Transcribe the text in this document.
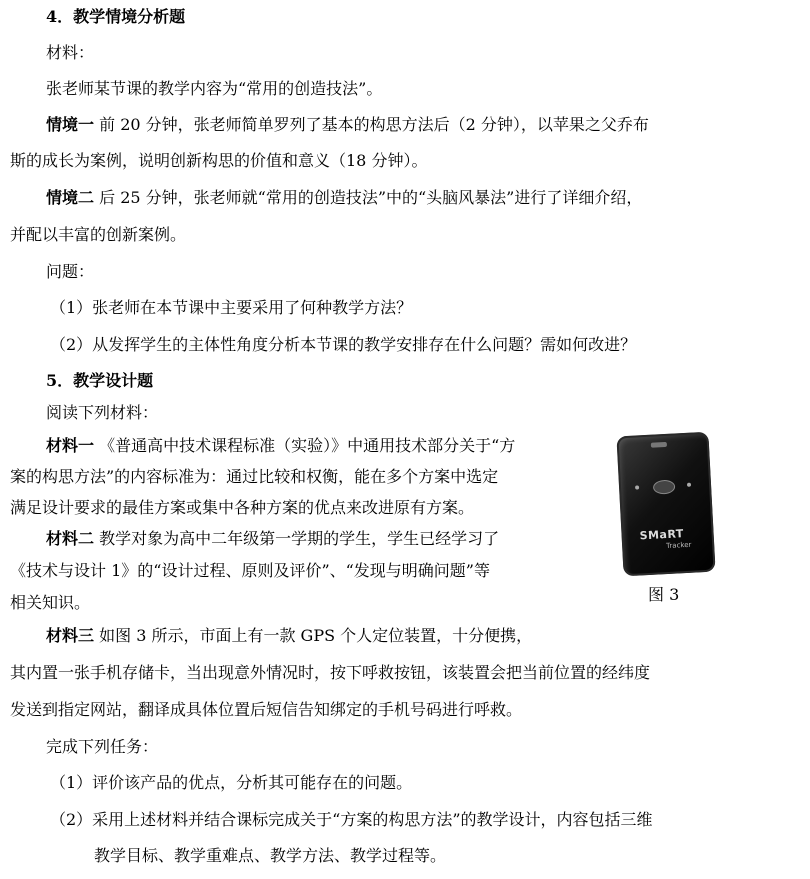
4．教学情境分析题
材料：
张老师某节课的教学内容为“常用的创造技法”。
情境一 前 20 分钟，张老师简单罗列了基本的构思方法后（2 分钟），以苹果之父乔布
斯的成长为案例，说明创新构思的价值和意义（18 分钟）。
情境二 后 25 分钟，张老师就“常用的创造技法”中的“头脑风暴法”进行了详细介绍，
并配以丰富的创新案例。
问题：
（1）张老师在本节课中主要采用了何种教学方法？
（2）从发挥学生的主体性角度分析本节课的教学安排存在什么问题？需如何改进？
5．教学设计题
阅读下列材料：
材料一 《普通高中技术课程标准（实验）》中通用技术部分关于“方
案的构思方法”的内容标准为：通过比较和权衡，能在多个方案中选定
满足设计要求的最佳方案或集中各种方案的优点来改进原有方案。
材料二 教学对象为高中二年级第一学期的学生，学生已经学习了
《技术与设计 1》的“设计过程、原则及评价”、“发现与明确问题”等
相关知识。
材料三 如图 3 所示，市面上有一款 GPS 个人定位装置，十分便携，
其内置一张手机存储卡，当出现意外情况时，按下呼救按钮，该装置会把当前位置的经纬度
发送到指定网站，翻译成具体位置后短信告知绑定的手机号码进行呼救。
完成下列任务：
（1）评价该产品的优点，分析其可能存在的问题。
（2）采用上述材料并结合课标完成关于“方案的构思方法”的教学设计，内容包括三维
教学目标、教学重难点、教学方法、教学过程等。
SMaRT
Tracker
图 3
